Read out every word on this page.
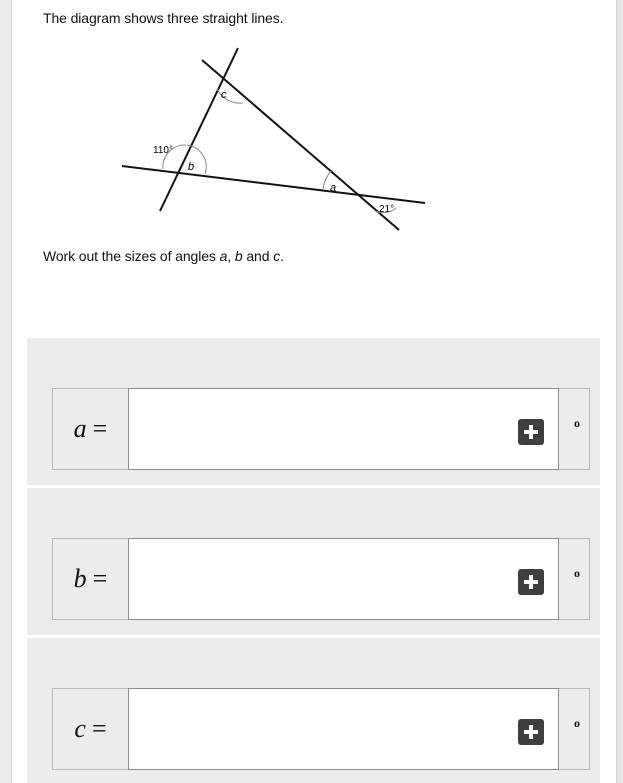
The diagram shows three straight lines.
c
b
110°
a
21°
Work out the sizes of angles a, b and c.
a =	o
b =	o
c =	o
